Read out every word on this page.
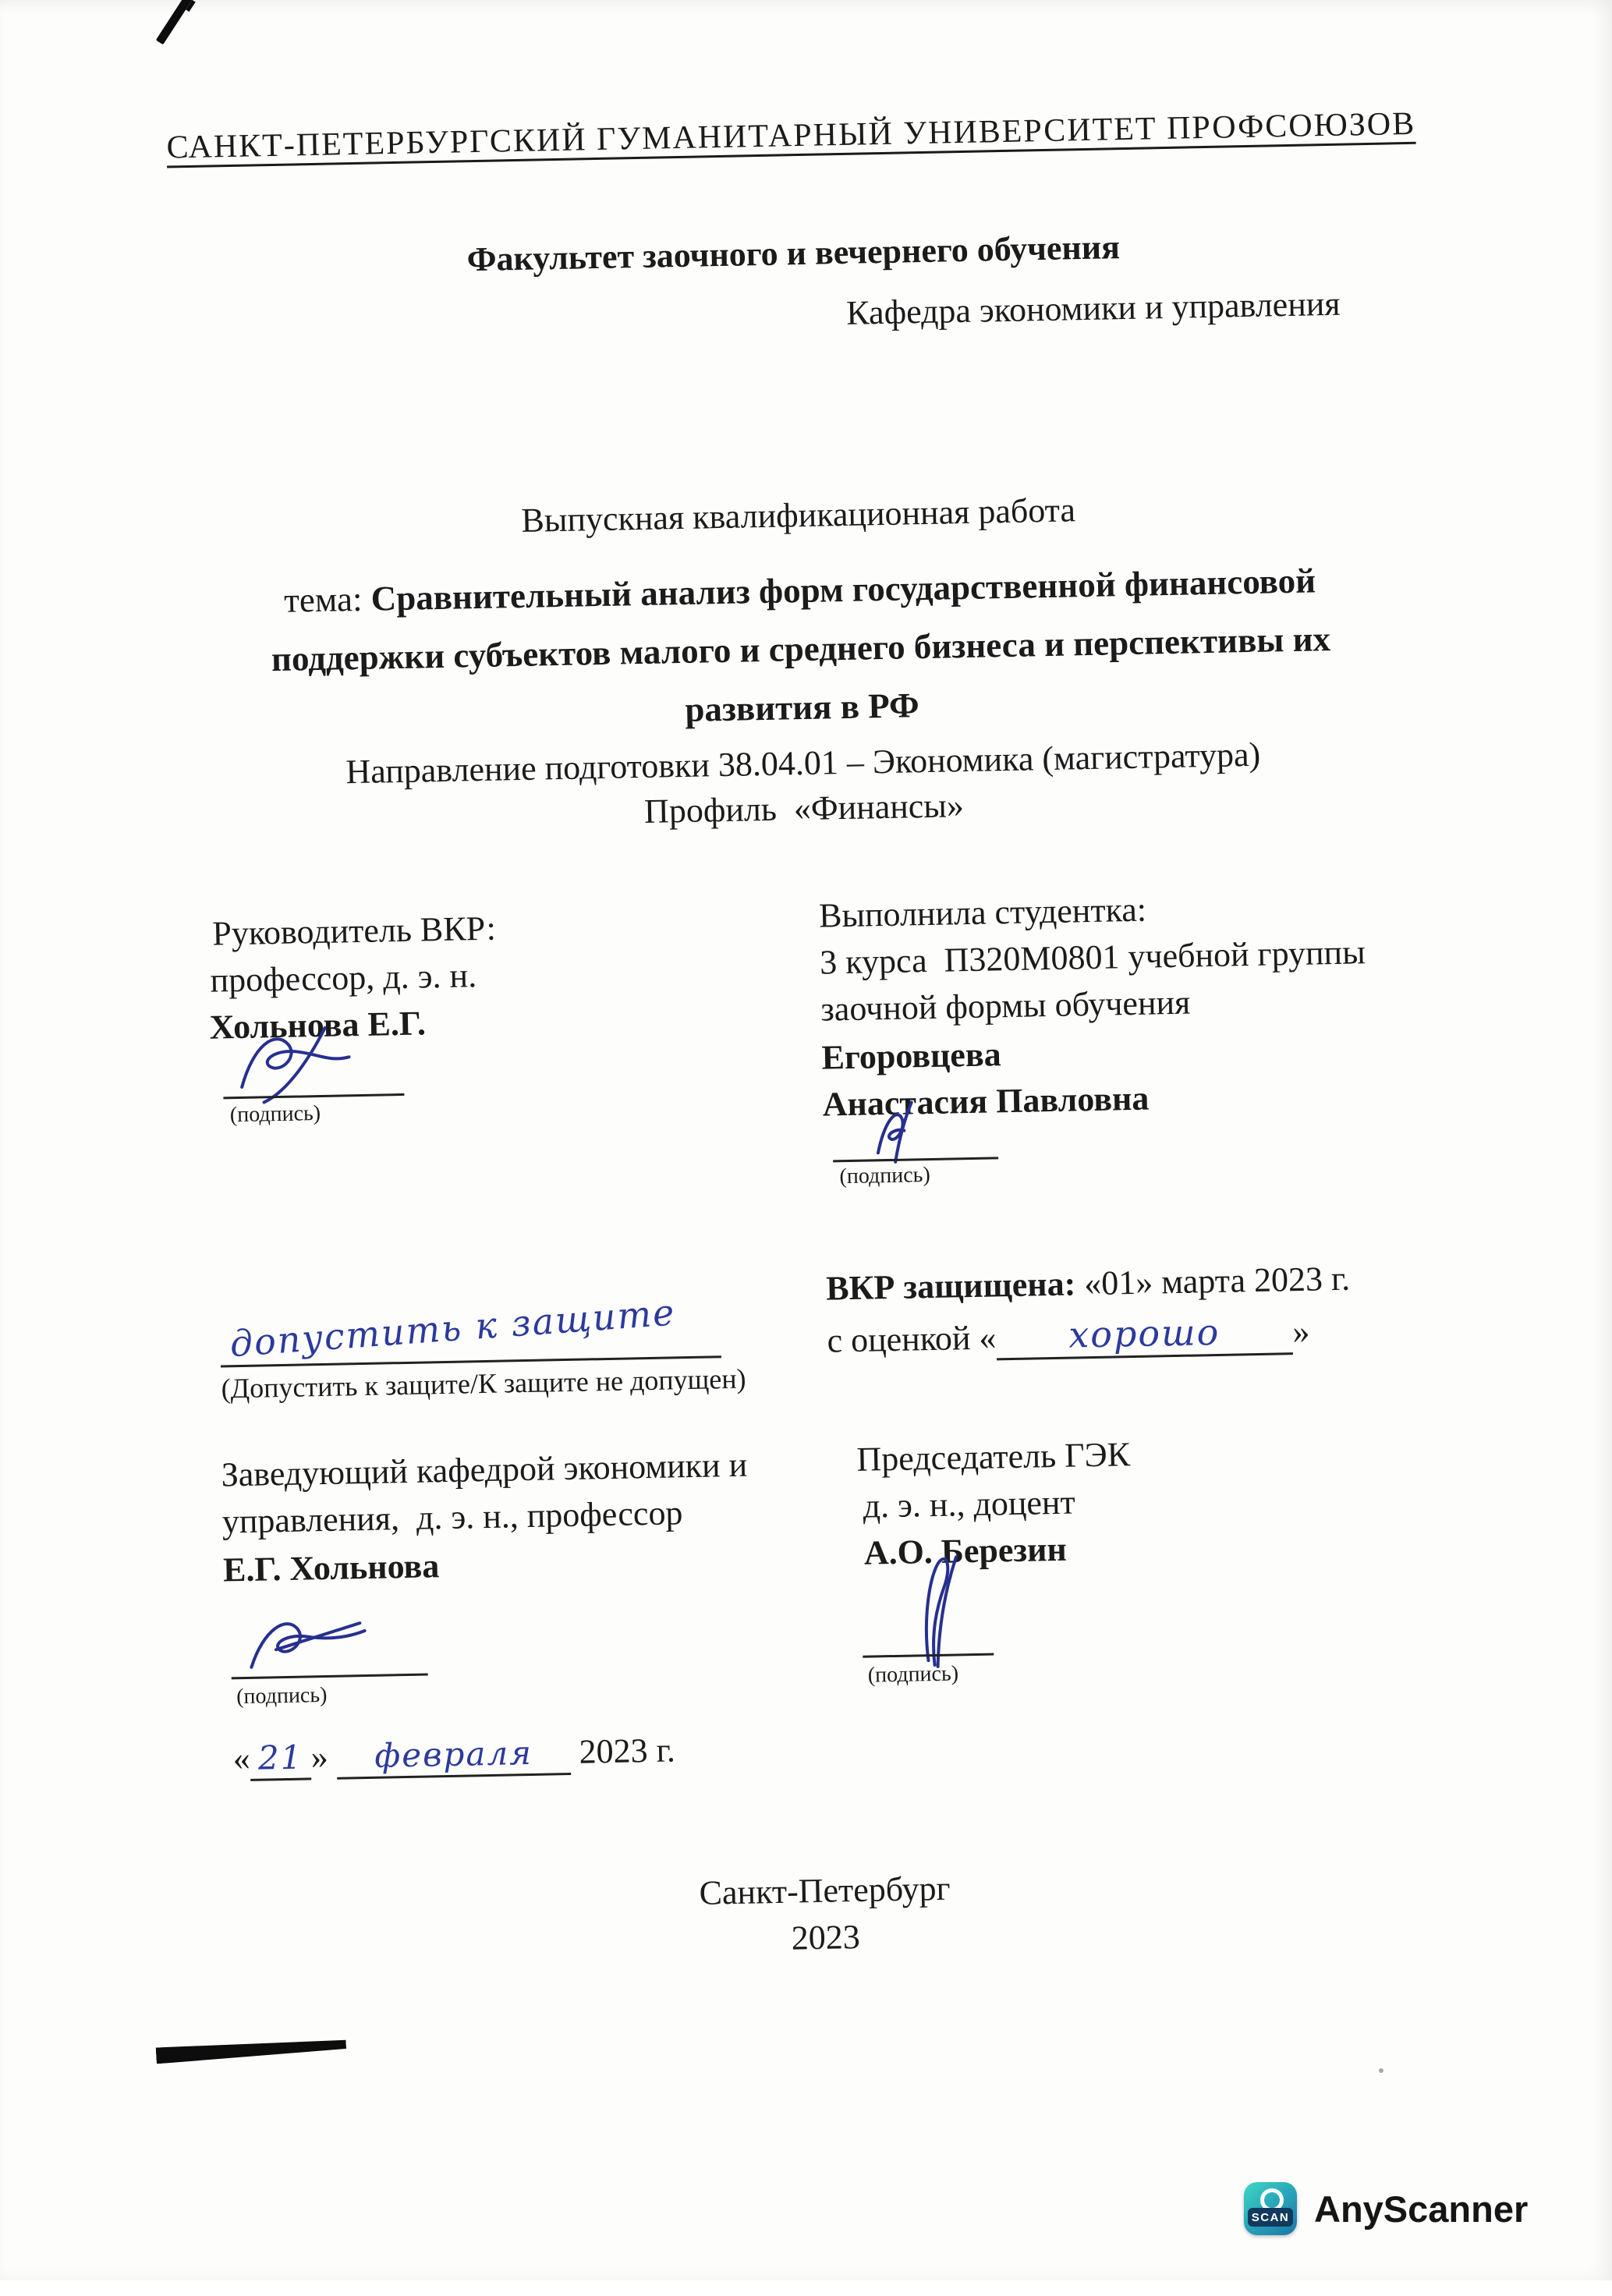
САНКТ-ПЕТЕРБУРГСКИЙ ГУМАНИТАРНЫЙ УНИВЕРСИТЕТ ПРОФСОЮЗОВ
Факультет заочного и вечернего обучения
Кафедра экономики и управления
Выпускная квалификационная работа
тема: Сравнительный анализ форм государственной финансовой
поддержки субъектов малого и среднего бизнеса и перспективы их
развития в РФ
Направление подготовки 38.04.01 – Экономика (магистратура)
Профиль  «Финансы»
Руководитель ВКР:
профессор, д. э. н.
Хольнова Е.Г.
(подпись)
Выполнила студентка:
3 курса  П320М0801 учебной группы
заочной формы обучения
Егоровцева
Анастасия Павловна
(подпись)
допустить к защите
(Допустить к защите/К защите не допущен)
ВКР защищена: «01» марта 2023 г.
с оценкой « хорошо »
Заведующий кафедрой экономики и
управления,  д. э. н., профессор
Е.Г. Хольнова
(подпись)
« 21 » февраля 2023 г.
Председатель ГЭК
д. э. н., доцент
А.О. Березин
(подпись)
Санкт-Петербург
2023
SCAN AnyScanner
